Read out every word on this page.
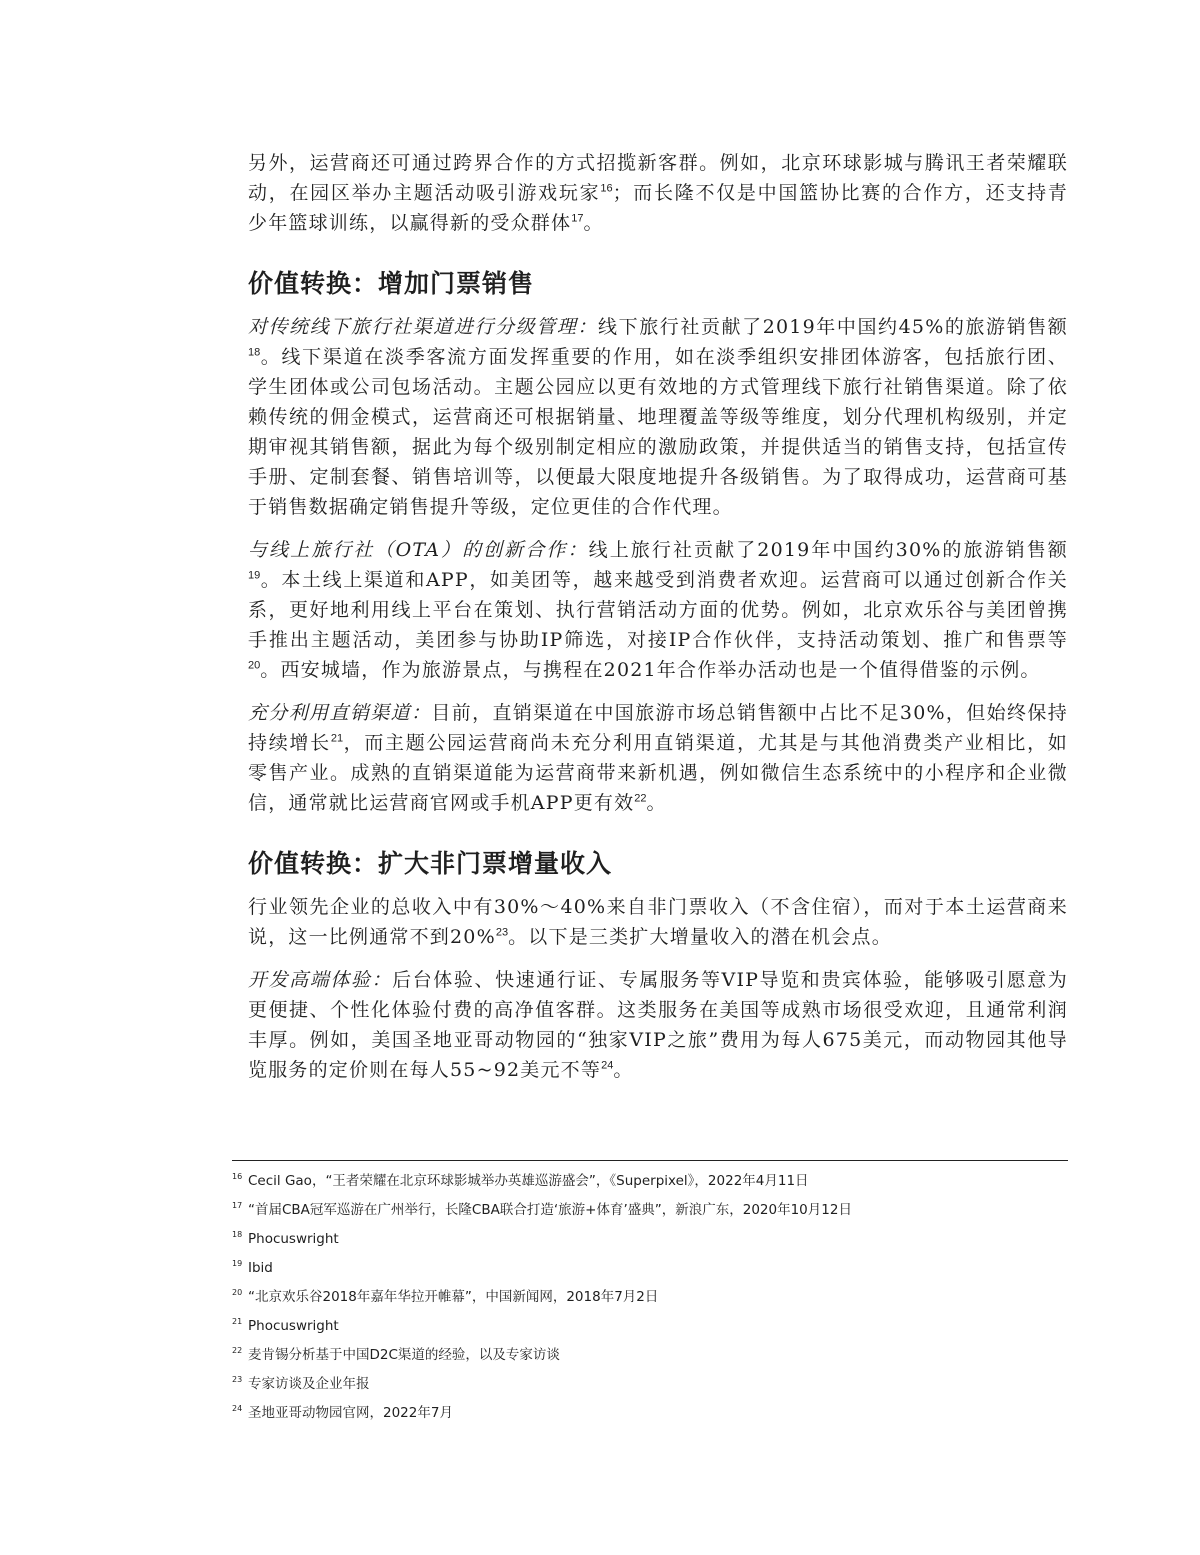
另外，运营商还可通过跨界合作的方式招揽新客群。例如，北京环球影城与腾讯王者荣耀联动，在园区举办主题活动吸引游戏玩家$^{16}$；而长隆不仅是中国篮协比赛的合作方，还支持青少年篮球训练，以赢得新的受众群体$^{17}$。

价值转换：增加门票销售

对传统线下旅行社渠道进行分级管理：线下旅行社贡献了2019年中国约45%的旅游销售额$^{18}$。线下渠道在淡季客流方面发挥重要的作用，如在淡季组织安排团体游客，包括旅行团、学生团体或公司包场活动。主题公园应以更有效地的方式管理线下旅行社销售渠道。除了依赖传统的佣金模式，运营商还可根据销量、地理覆盖等级等维度，划分代理机构级别，并定期审视其销售额，据此为每个级别制定相应的激励政策，并提供适当的销售支持，包括宣传手册、定制套餐、销售培训等，以便最大限度地提升各级销售。为了取得成功，运营商可基于销售数据确定销售提升等级，定位更佳的合作代理。

与线上旅行社（OTA）的创新合作：线上旅行社贡献了2019年中国约30%的旅游销售额$^{19}$。本土线上渠道和APP，如美团等，越来越受到消费者欢迎。运营商可以通过创新合作关系，更好地利用线上平台在策划、执行营销活动方面的优势。例如，北京欢乐谷与美团曾携手推出主题活动，美团参与协助IP筛选，对接IP合作伙伴，支持活动策划、推广和售票等$^{20}$。西安城墙，作为旅游景点，与携程在2021年合作举办活动也是一个值得借鉴的示例。

充分利用直销渠道：目前，直销渠道在中国旅游市场总销售额中占比不足30%，但始终保持持续增长$^{21}$，而主题公园运营商尚未充分利用直销渠道，尤其是与其他消费类产业相比，如零售产业。成熟的直销渠道能为运营商带来新机遇，例如微信生态系统中的小程序和企业微信，通常就比运营商官网或手机APP更有效$^{22}$。

价值转换：扩大非门票增量收入

行业领先企业的总收入中有30%～40%来自非门票收入（不含住宿），而对于本土运营商来说，这一比例通常不到20%$^{23}$。以下是三类扩大增量收入的潜在机会点。

开发高端体验：后台体验、快速通行证、专属服务等VIP导览和贵宾体验，能够吸引愿意为更便捷、个性化体验付费的高净值客群。这类服务在美国等成熟市场很受欢迎，且通常利润丰厚。例如，美国圣地亚哥动物园的“独家VIP之旅”费用为每人675美元，而动物园其他导览服务的定价则在每人55~92美元不等$^{24}$。

16 Cecil Gao，“王者荣耀在北京环球影城举办英雄巡游盛会”，《Superpixel》，2022年4月11日
17 “首届CBA冠军巡游在广州举行，长隆CBA联合打造‘旅游+体育’盛典”，新浪广东，2020年10月12日
18 Phocuswright
19 Ibid
20 “北京欢乐谷2018年嘉年华拉开帷幕”，中国新闻网，2018年7月2日
21 Phocuswright
22 麦肯锡分析基于中国D2C渠道的经验，以及专家访谈
23 专家访谈及企业年报
24 圣地亚哥动物园官网，2022年7月
